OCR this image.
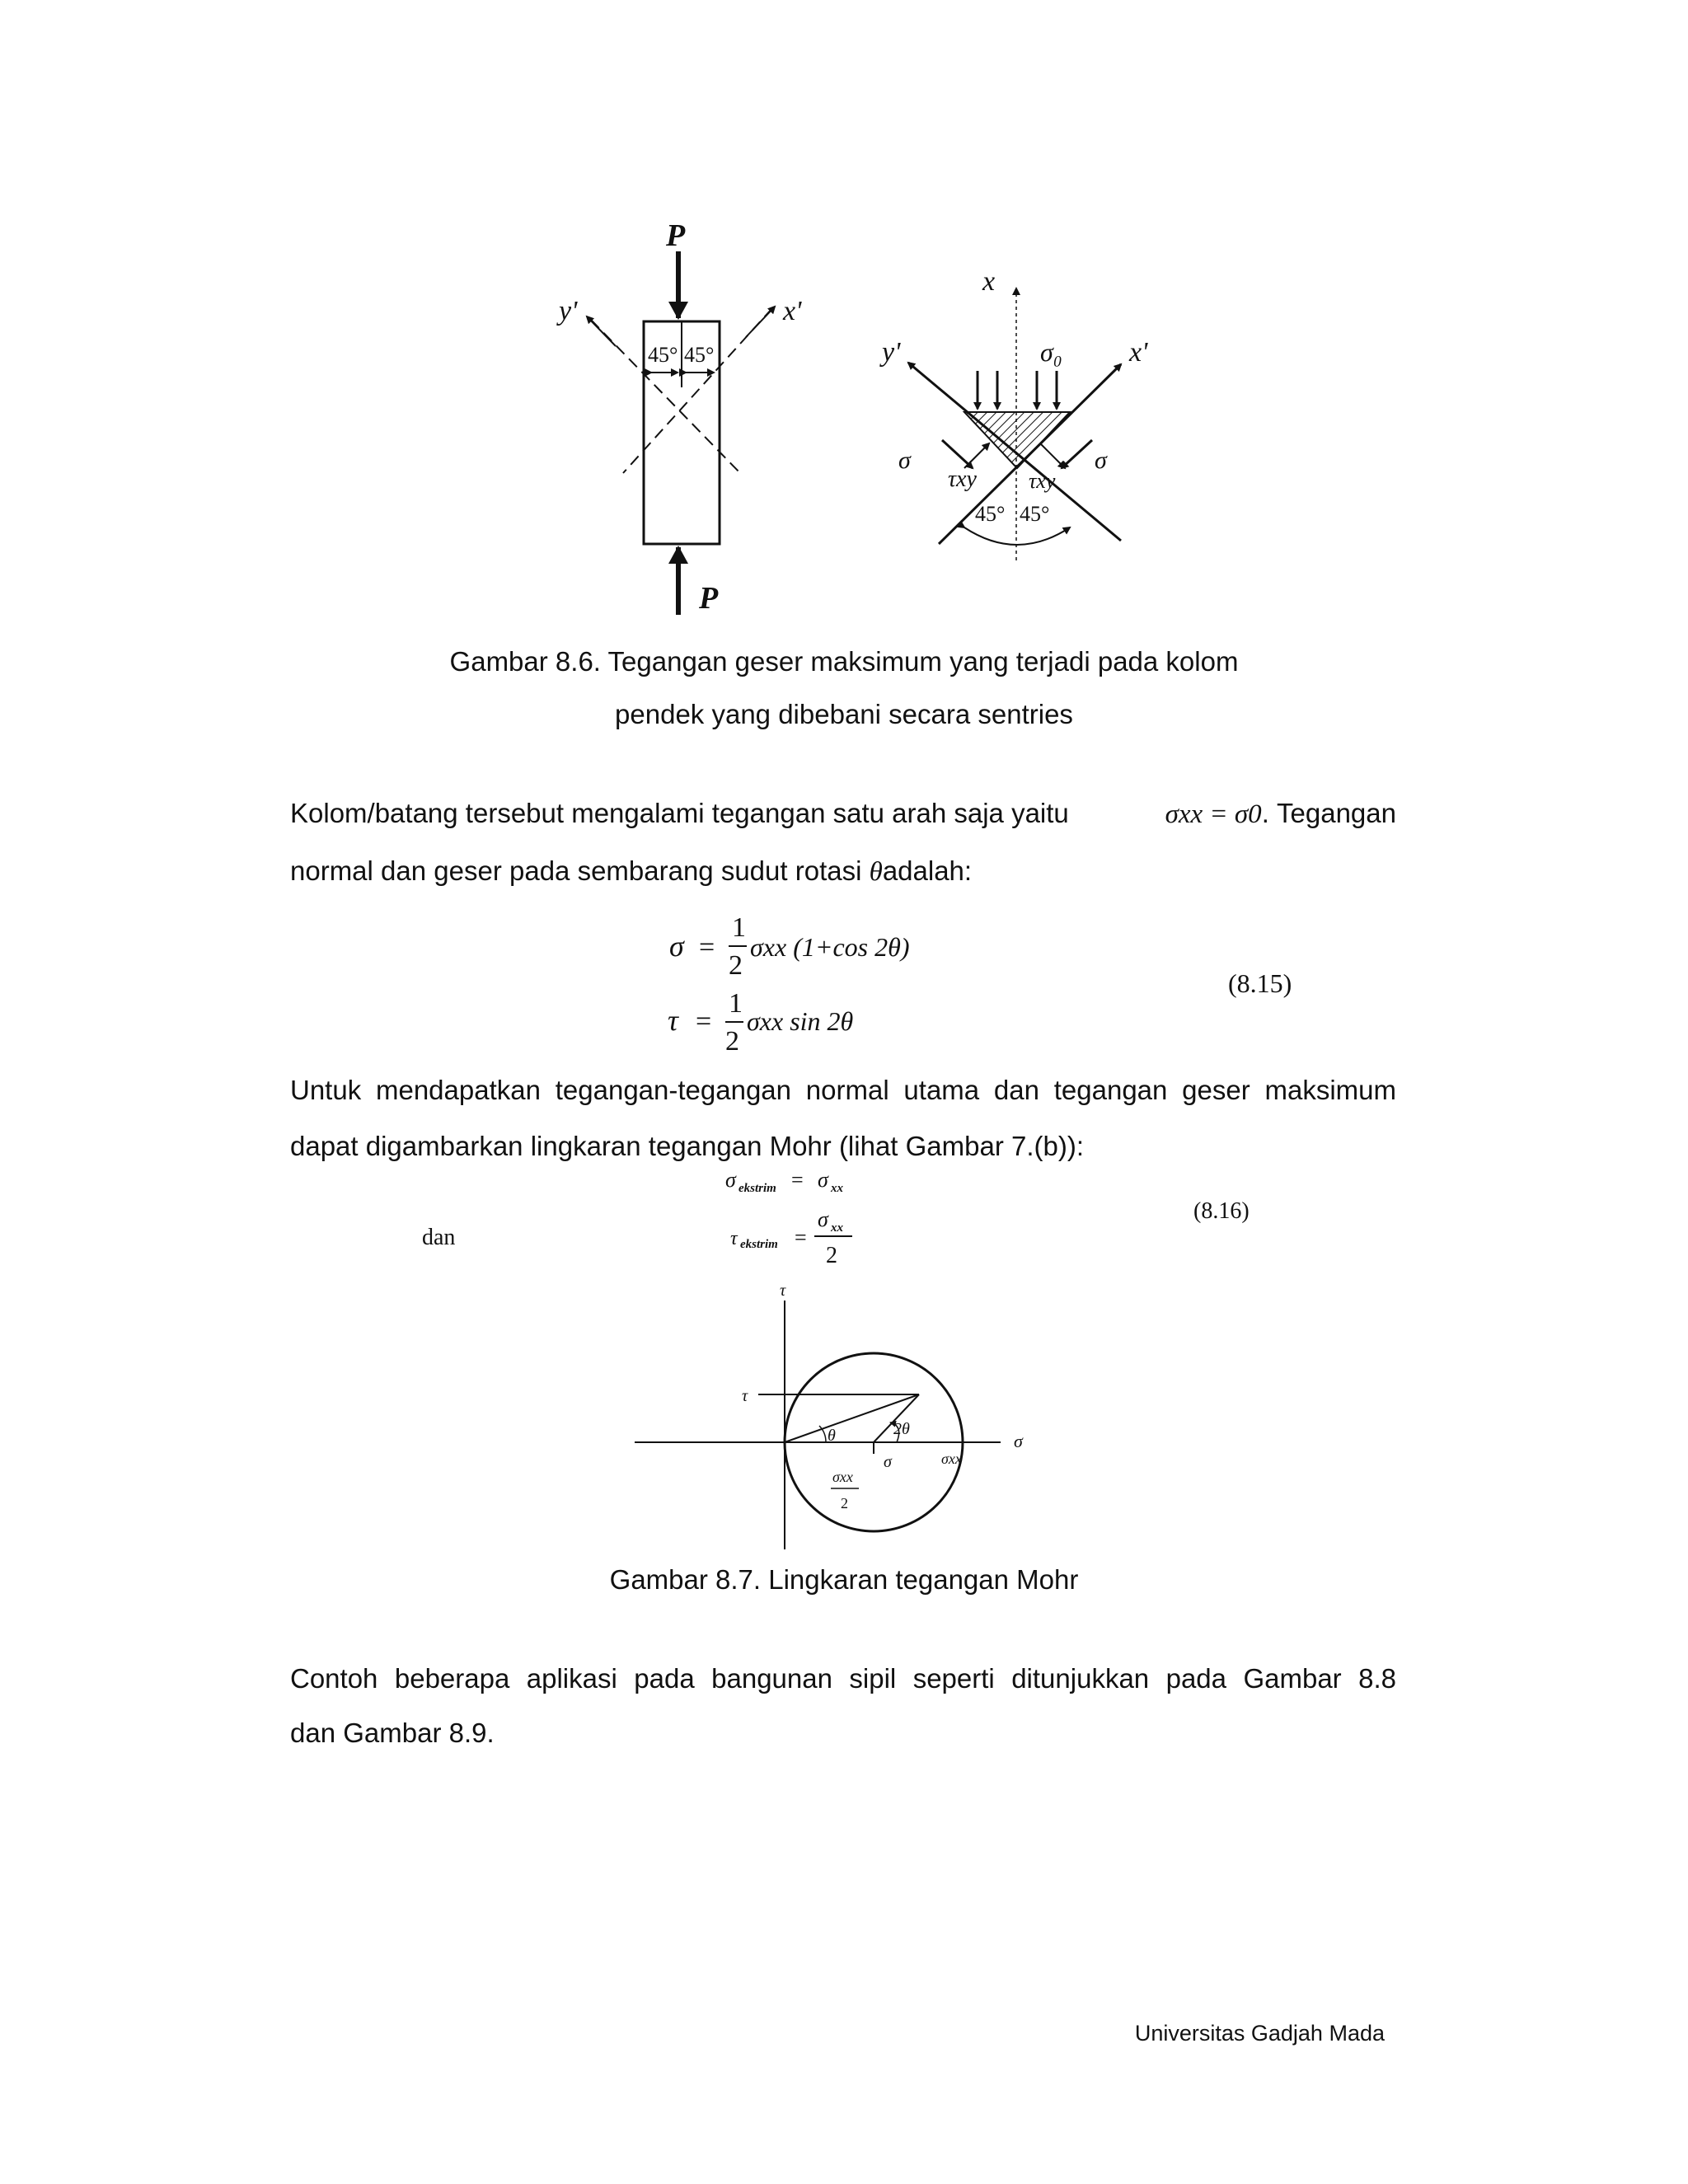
P
y'	x'
45° 45°
P
x
y'	x'
σ₀
σ	σ
τxy τxy
45° 45°
Gambar 8.6. Tegangan geser maksimum yang terjadi pada kolom
pendek yang dibebani secara sentries
Kolom/batang tersebut mengalami tegangan satu arah saja yaitu	σxx = σ0. Tegangan
normal dan geser pada sembarang sudut rotasi θadalah:
σ =
1
2
σxx (1+cos 2θ)
(8.15)
τ =
1
2
σxx sin 2θ
Untuk mendapatkan tegangan-tegangan normal utama dan tegangan geser maksimum
dapat digambarkan lingkaran tegangan Mohr (lihat Gambar 7.(b)):
σ ekstrim = σ xx
dan
(8.16)
τ ekstrim =
σ xx
2
τ
σ
τ
2θ
θ
σ	σxx
σxx
2
Gambar 8.7. Lingkaran tegangan Mohr
Contoh beberapa aplikasi pada bangunan sipil seperti ditunjukkan pada Gambar 8.8
dan Gambar 8.9.
Universitas Gadjah Mada
